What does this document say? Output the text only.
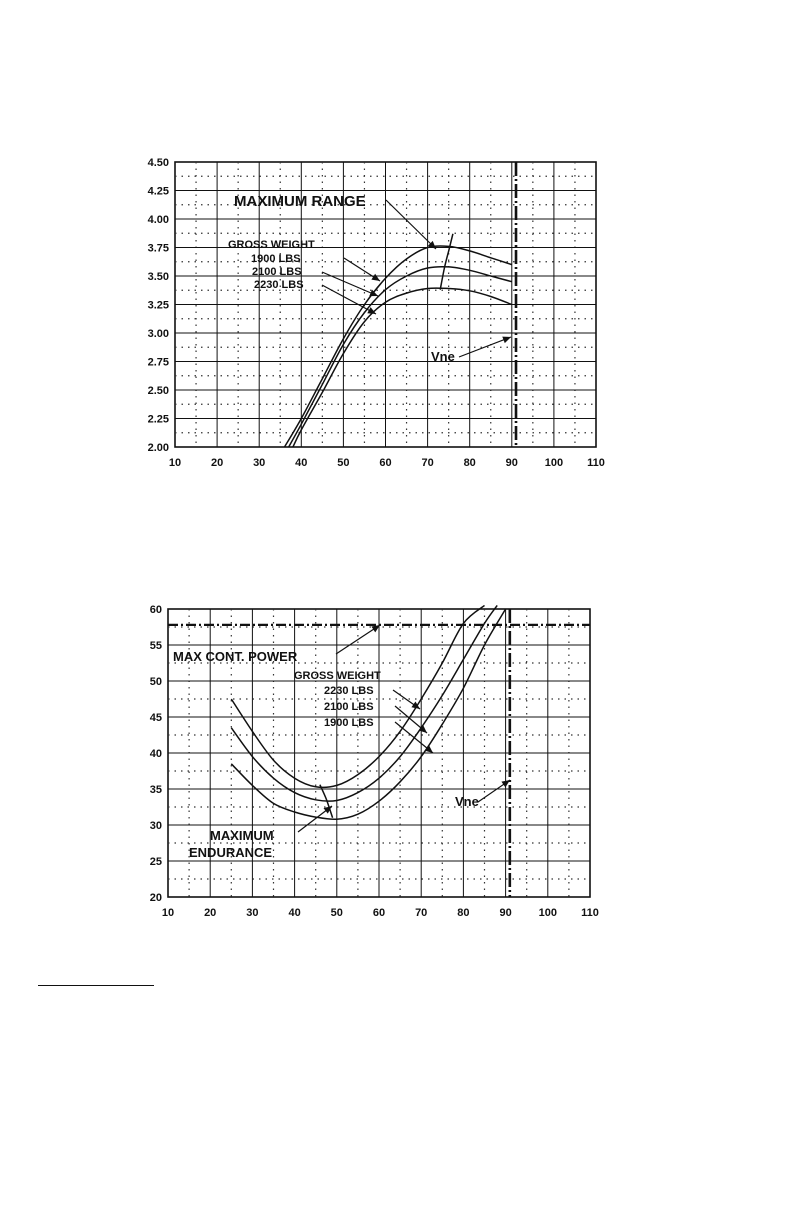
10	20	30	40	50	60	70	80	90 100 110
2.00
2.25
2.50
2.75
3.00
3.25
3.50
3.75
4.00
4.25
4.50
10	20	30	40	50	60	70	80	90 100 110
20
25
30
35
40
45
50
55
60
MAXIMUM RANGE
GROSS WEIGHT
1900 LBS
2100 LBS
2230 LBS
Vne
MAX CONT. POWER
GROSS WEIGHT
2230 LBS
2100 LBS
1900 LBS
Vne
MAXIMUM
ENDURANCE
